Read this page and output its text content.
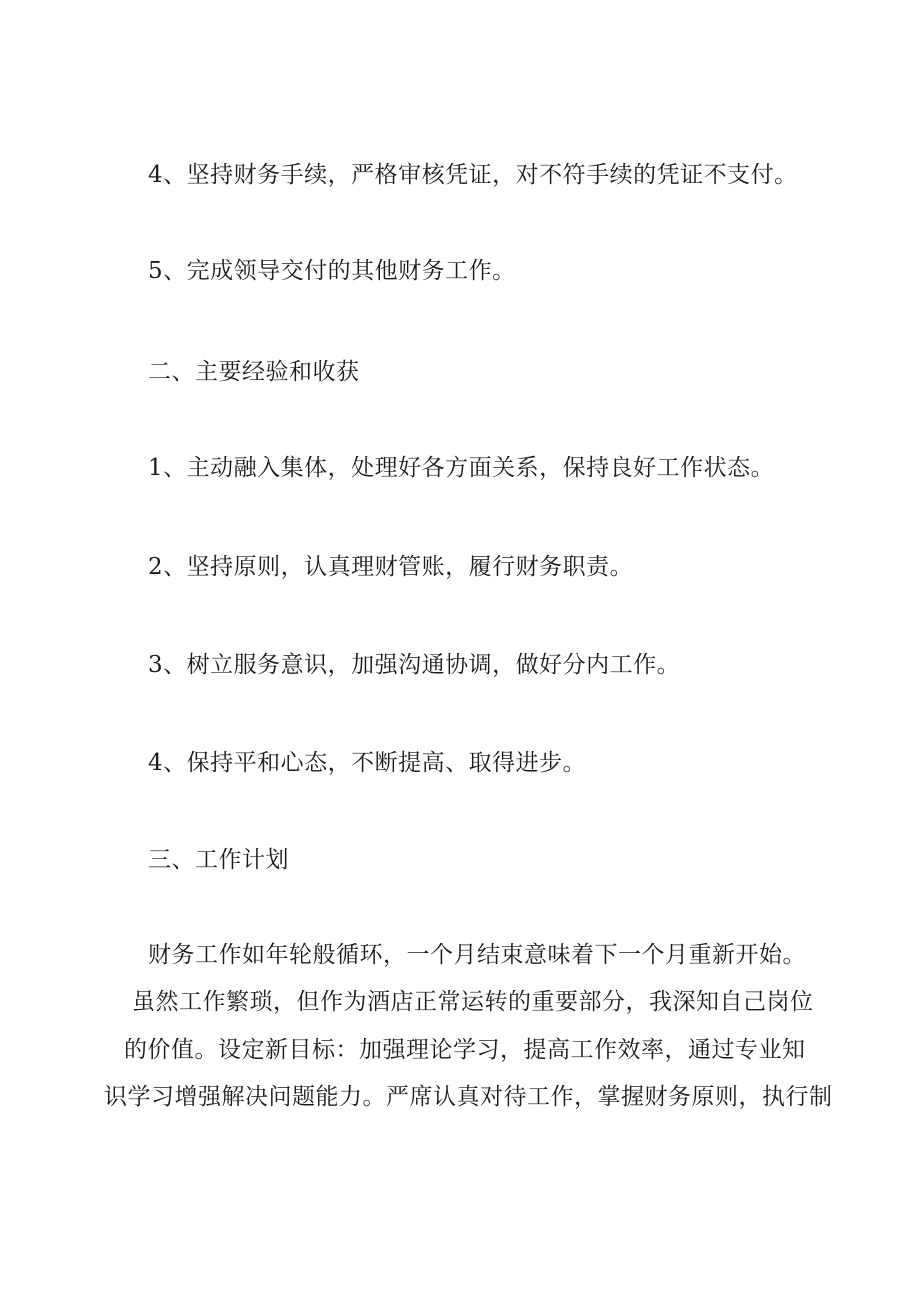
4、坚持财务手续，严格审核凭证，对不符手续的凭证不支付。
5、完成领导交付的其他财务工作。
二、主要经验和收获
1、主动融入集体，处理好各方面关系，保持良好工作状态。
2、坚持原则，认真理财管账，履行财务职责。
3、树立服务意识，加强沟通协调，做好分内工作。
4、保持平和心态，不断提高、取得进步。
三、工作计划
财务工作如年轮般循环，一个月结束意味着下一个月重新开始。
虽然工作繁琐，但作为酒店正常运转的重要部分，我深知自己岗位
的价值。设定新目标：加强理论学习，提高工作效率，通过专业知
识学习增强解决问题能力。严席认真对待工作，掌握财务原则，执行制
